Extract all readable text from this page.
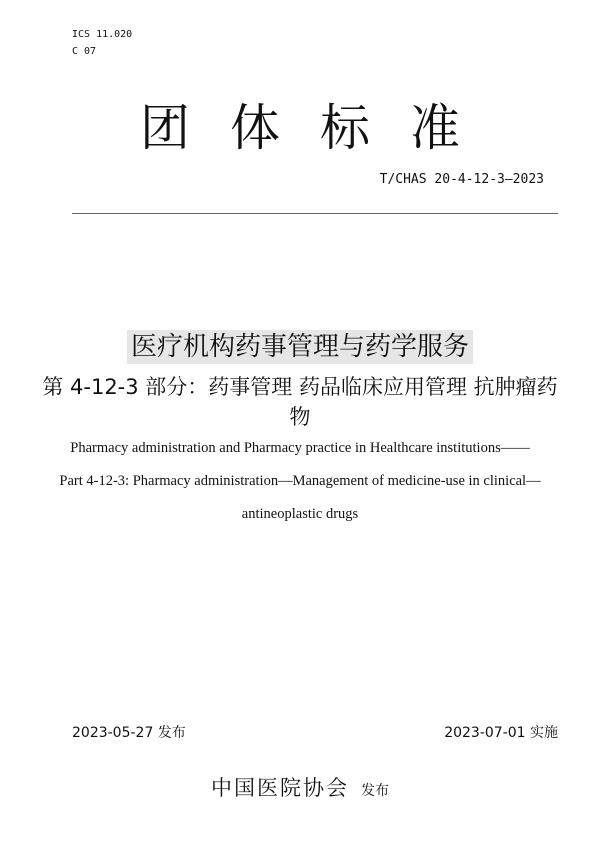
ICS 11.020
C 07
团体标准
T/CHAS 20-4-12-3—2023
医疗机构药事管理与药学服务
第 4-12-3 部分：药事管理 药品临床应用管理 抗肿瘤药物
Pharmacy administration and Pharmacy practice in Healthcare institutions——
Part 4-12-3: Pharmacy administration—Management of medicine-use in clinical—
antineoplastic drugs
2023-05-27 发布	2023-07-01 实施
中国医院协会 发布
